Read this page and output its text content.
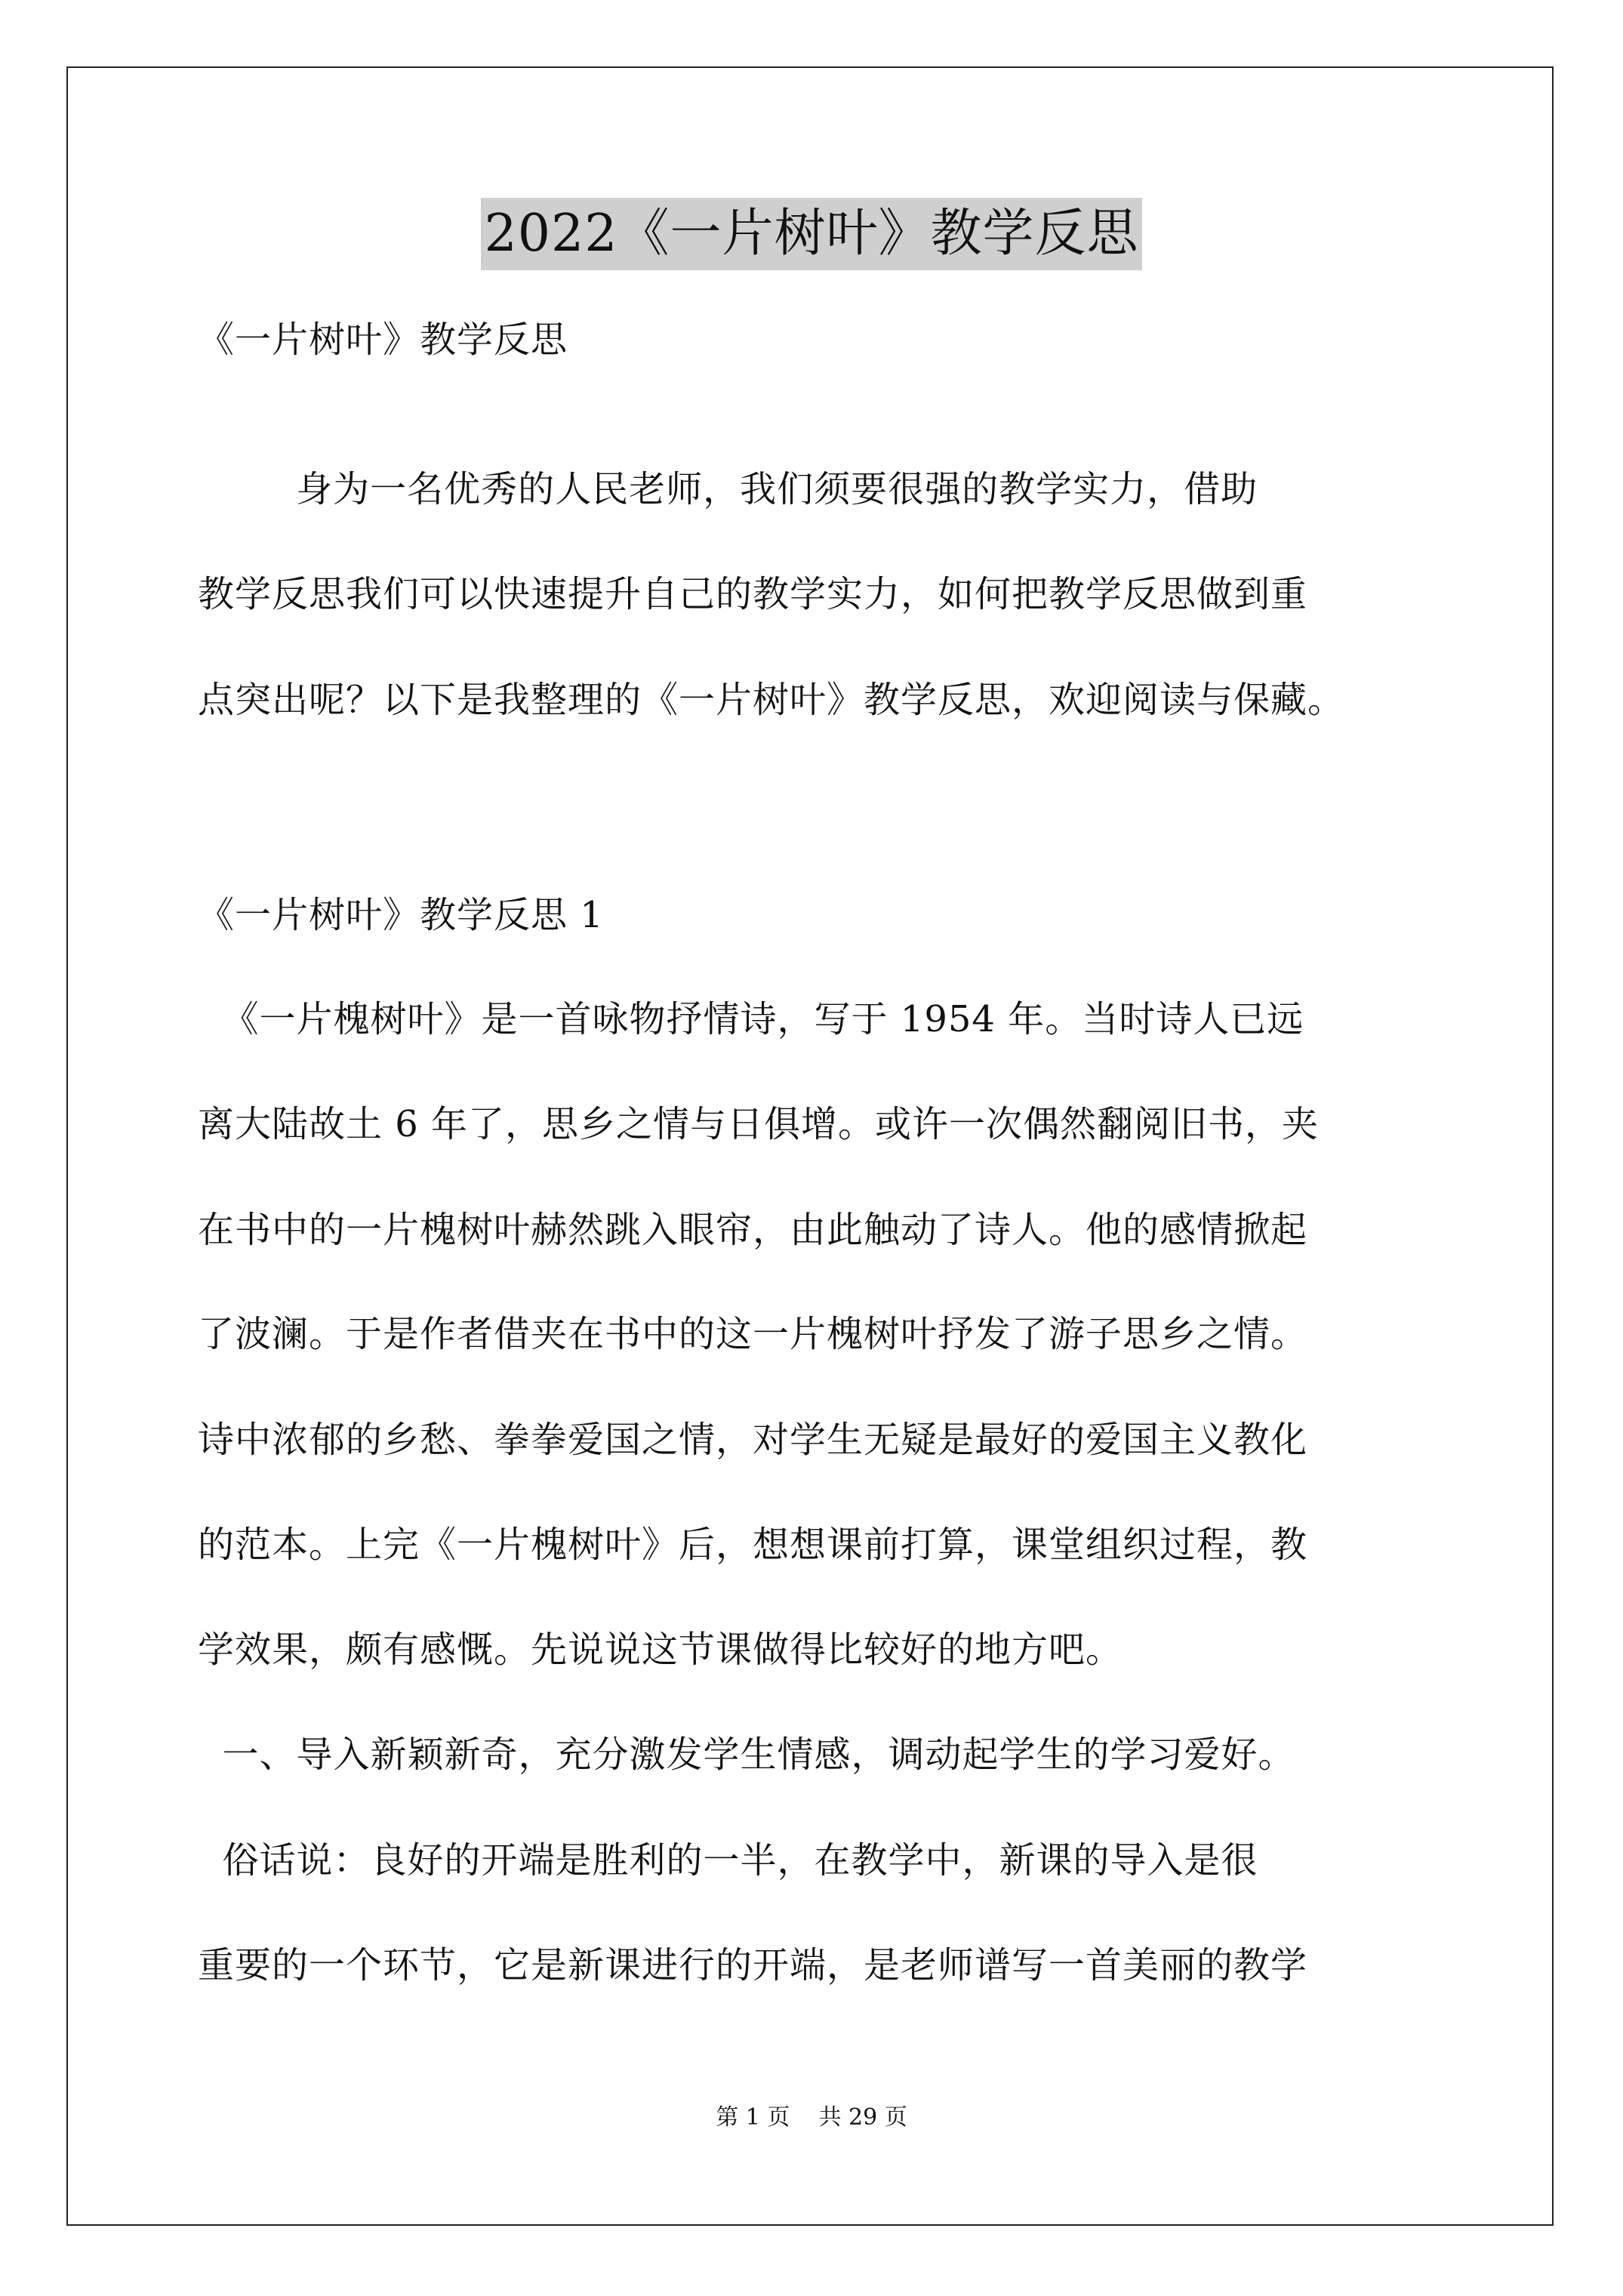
2022《一片树叶》教学反思
《一片树叶》教学反思
身为一名优秀的人民老师，我们须要很强的教学实力，借助
教学反思我们可以快速提升自己的教学实力，如何把教学反思做到重
点突出呢？以下是我整理的《一片树叶》教学反思，欢迎阅读与保藏。
《一片树叶》教学反思 1
《一片槐树叶》是一首咏物抒情诗，写于 1954 年。当时诗人已远
离大陆故土 6 年了，思乡之情与日俱增。或许一次偶然翻阅旧书，夹
在书中的一片槐树叶赫然跳入眼帘，由此触动了诗人。他的感情掀起
了波澜。于是作者借夹在书中的这一片槐树叶抒发了游子思乡之情。
诗中浓郁的乡愁、拳拳爱国之情，对学生无疑是最好的爱国主义教化
的范本。上完《一片槐树叶》后，想想课前打算，课堂组织过程，教
学效果，颇有感慨。先说说这节课做得比较好的地方吧。
一、导入新颖新奇，充分激发学生情感，调动起学生的学习爱好。
俗话说：良好的开端是胜利的一半，在教学中，新课的导入是很
重要的一个环节，它是新课进行的开端，是老师谱写一首美丽的教学
第 1 页    共 29 页
